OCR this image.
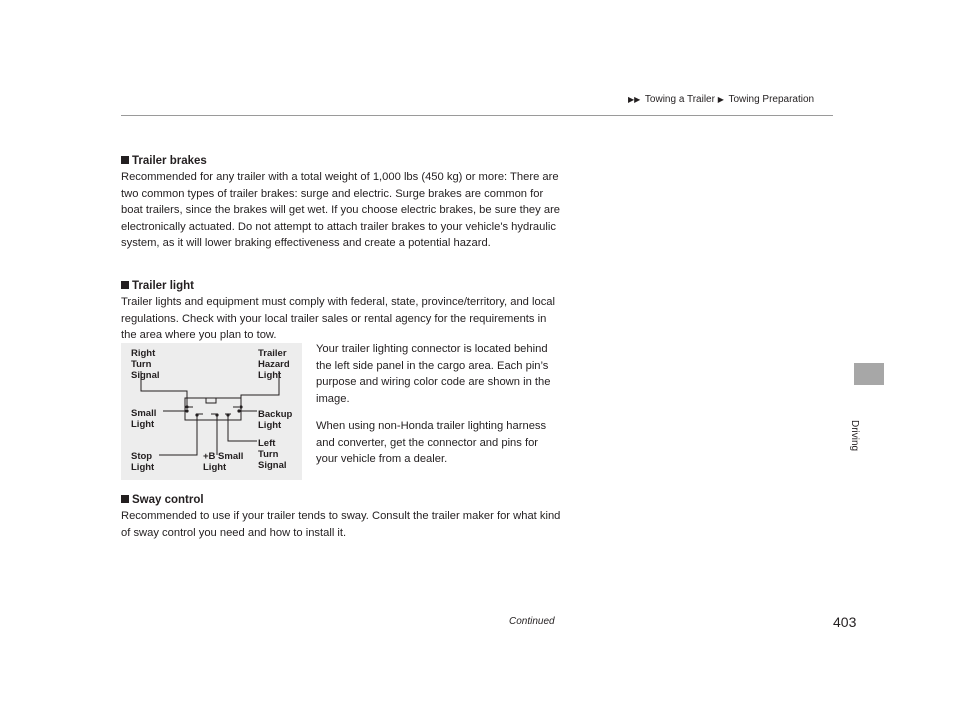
▶▶ Towing a Trailer ▶ Towing Preparation
Driving
Trailer brakes
Recommended for any trailer with a total weight of 1,000 lbs (450 kg) or more: There are two common types of trailer brakes: surge and electric. Surge brakes are common for boat trailers, since the brakes will get wet. If you choose electric brakes, be sure they are electronically actuated. Do not attempt to attach trailer brakes to your vehicle's hydraulic system, as it will lower braking effectiveness and create a potential hazard.
Trailer light
Trailer lights and equipment must comply with federal, state, province/territory, and local regulations. Check with your local trailer sales or rental agency for the requirements in the area where you plan to tow.
Right
Turn
Signal
Trailer
Hazard
Light
Small
Light
Backup
Light
Left
Turn
Signal
Stop
Light
+B Small
Light
Your trailer lighting connector is located behind the left side panel in the cargo area. Each pin’s purpose and wiring color code are shown in the image.
When using non-Honda trailer lighting harness and converter, get the connector and pins for your vehicle from a dealer.
Sway control
Recommended to use if your trailer tends to sway. Consult the trailer maker for what kind of sway control you need and how to install it.
Continued	403
